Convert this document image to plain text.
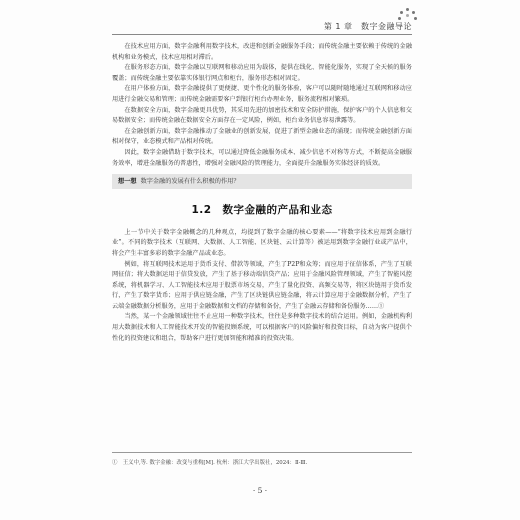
第 1 章　数字金融导论

在技术应用方面，数字金融利用数字技术，改进和创新金融服务手段；而传统金融主要依赖于传统的金融机构和业务模式，技术应用相对滞后。

在服务形态方面，数字金融以互联网和移动应用为载体，提供在线化、智能化服务，实现了全天候的服务覆盖；而传统金融主要依靠实体银行网点和柜台，服务形态相对固定。

在用户体验方面，数字金融提供了更便捷、更个性化的服务体验，客户可以随时随地通过互联网和移动应用进行金融交易和管理；而传统金融需要客户到银行柜台办理业务，服务流程相对繁琐。

在数据安全方面，数字金融更具优势，其采用先进的加密技术和安全防护措施，保护客户的个人信息和交易数据安全；而传统金融在数据安全方面存在一定风险，例如，柜台业务信息容易泄露等。

在金融创新方面，数字金融推动了金融业的创新发展，促进了新型金融业态的涌现；而传统金融创新方面相对保守，业态模式和产品相对传统。

因此，数字金融借助于数字技术，可以通过降低金融服务成本、减少信息不对称等方式，不断提高金融服务效率，增进金融服务的普惠性，增强对金融风险的管理能力，全面提升金融服务实体经济的质效。

想一想 数字金融的发展有什么积极的作用？
1.2　数字金融的产品和业态

上一节中关于数字金融概念的几种观点，均提到了数字金融的核心要素——“将数字技术应用到金融行业”。不同的数字技术（互联网、大数据、人工智能、区块链、云计算等）被运用到数字金融行业或产品中，将会产生丰富多彩的数字金融产品或业态。

例如，将互联网技术运用于货币支付、借款等领域，产生了P2P和众筹；而应用于征信体系，产生了互联网征信；将大数据运用于信贷发放，产生了基于移动端信贷产品；应用于金融风险管理领域，产生了智能风控系统，将机器学习、人工智能技术应用于股票市场交易，产生了量化投资、高频交易等，将区块链用于货币发行，产生了数字货币；应用于供应链金融，产生了区块链供应链金融，将云计算应用于金融数据分析，产生了云端金融数据分析服务，应用于金融数据和文档的存储和备份，产生了金融云存储和备份服务……①

当然，某一个金融领域往往不止应用一种数字技术，往往是多种数字技术的结合运用。例如，金融机构利用大数据技术和人工智能技术开发的智能投顾系统，可以根据客户的风险偏好和投资目标，自动为客户提供个性化的投资建议和组合，帮助客户进行更加智能和精准的投资决策。

①　王义中,等. 数字金融：改变与重构[M]. 杭州：浙江大学出版社，2024：Ⅱ-Ⅲ.
· 5 ·
